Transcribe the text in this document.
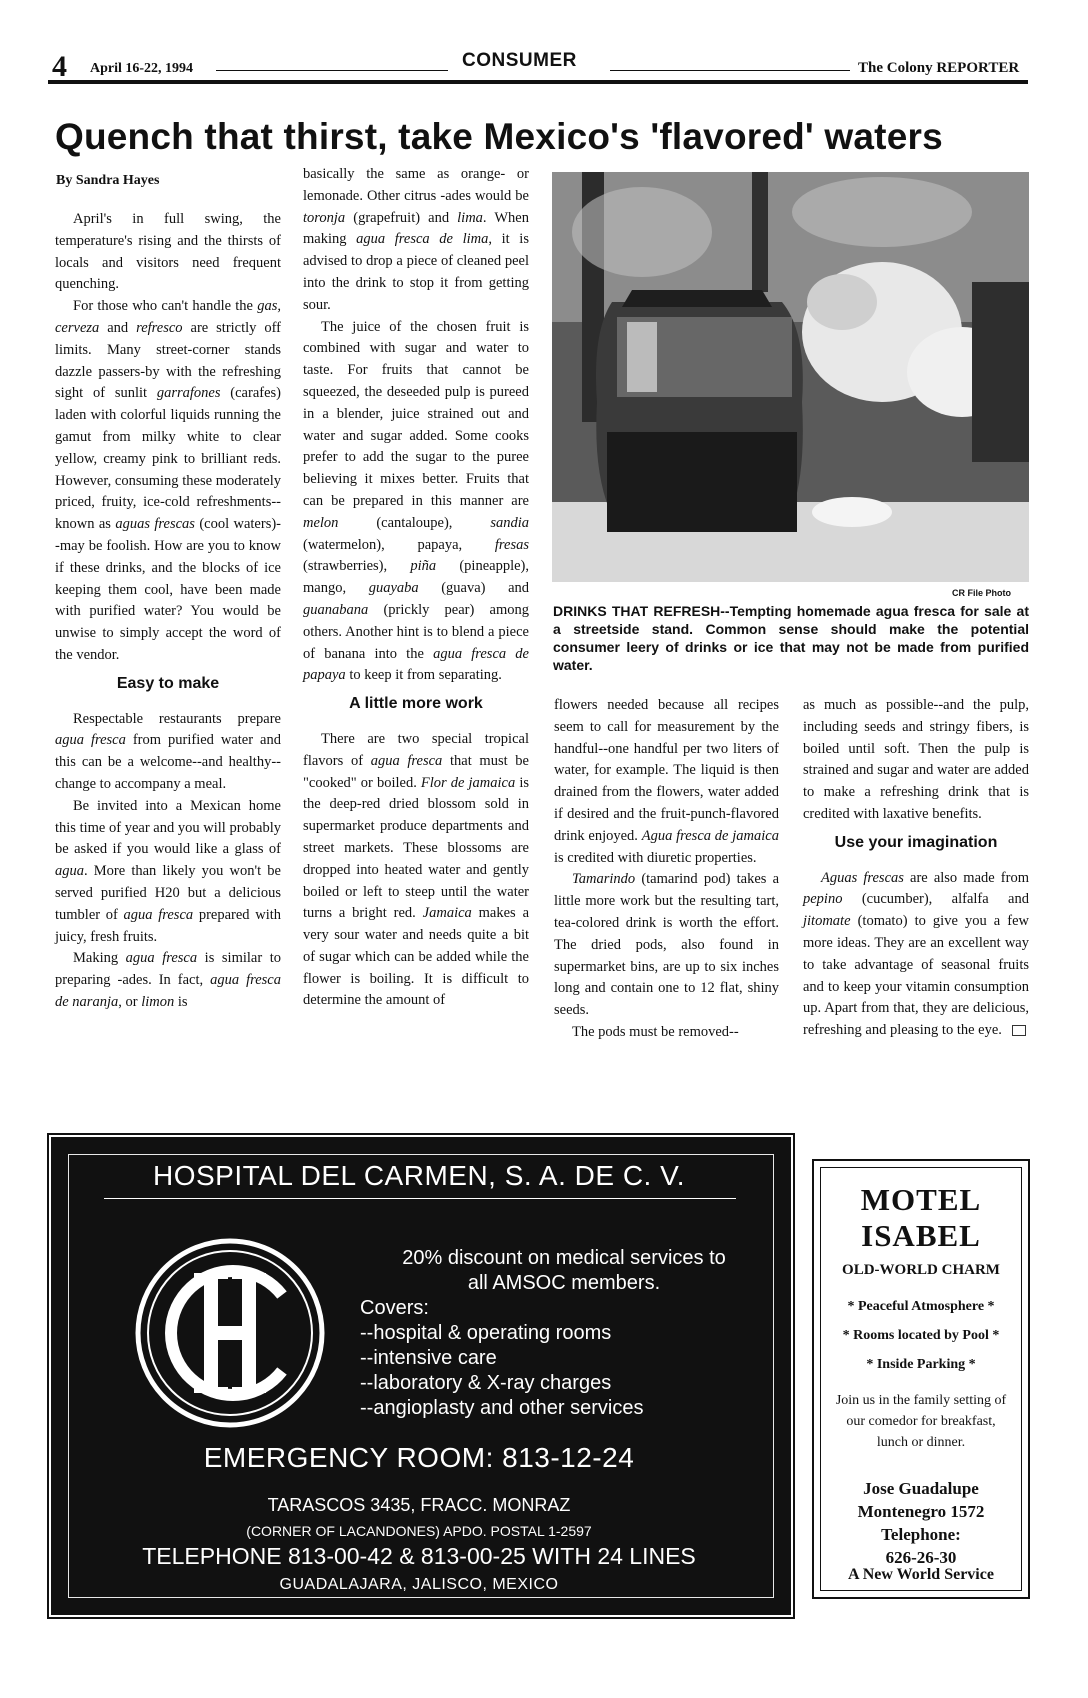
4 April 16-22, 1994	CONSUMER	The Colony REPORTER
Quench that thirst, take Mexico's 'flavored' waters
By Sandra Hayes

April's in full swing, the temperature's rising and the thirsts of locals and visitors need frequent quenching.

For those who can't handle the gas, cerveza and refresco are strictly off limits. Many street-corner stands dazzle passers-by with the refreshing sight of sunlit garrafones (carafes) laden with colorful liquids running the gamut from milky white to clear yellow, creamy pink to brilliant reds. However, consuming these moderately priced, fruity, ice-cold refreshments--known as aguas frescas (cool waters)--may be foolish. How are you to know if these drinks, and the blocks of ice keeping them cool, have been made with purified water? You would be unwise to simply accept the word of the vendor.

Easy to make

Respectable restaurants prepare agua fresca from purified water and this can be a welcome--and healthy--change to accompany a meal.

Be invited into a Mexican home this time of year and you will probably be asked if you would like a glass of agua. More than likely you won't be served purified H20 but a delicious tumbler of agua fresca prepared with juicy, fresh fruits.

Making agua fresca is similar to preparing -ades. In fact, agua fresca de naranja, or limon is

basically the same as orange- or lemonade. Other citrus -ades would be toronja (grapefruit) and lima. When making agua fresca de lima, it is advised to drop a piece of cleaned peel into the drink to stop it from getting sour.

The juice of the chosen fruit is combined with sugar and water to taste. For fruits that cannot be squeezed, the deseeded pulp is pureed in a blender, juice strained out and water and sugar added. Some cooks prefer to add the sugar to the puree believing it mixes better. Fruits that can be prepared in this manner are melon (cantaloupe), sandia (watermelon), papaya, fresas (strawberries), piña (pineapple), mango, guayaba (guava) and guanabana (prickly pear) among others. Another hint is to blend a piece of banana into the agua fresca de papaya to keep it from separating.

A little more work

There are two special tropical flavors of agua fresca that must be "cooked" or boiled. Flor de jamaica is the deep-red dried blossom sold in supermarket produce departments and street markets. These blossoms are dropped into heated water and gently boiled or left to steep until the water turns a bright red. Jamaica makes a very sour water and needs quite a bit of sugar which can be added while the flower is boiling. It is difficult to determine the amount of

CR File Photo
DRINKS THAT REFRESH--Tempting homemade agua fresca for sale at a streetside stand. Common sense should make the potential consumer leery of drinks or ice that may not be made from purified water.

flowers needed because all recipes seem to call for measurement by the handful--one handful per two liters of water, for example. The liquid is then drained from the flowers, water added if desired and the fruit-punch-flavored drink enjoyed. Agua fresca de jamaica is credited with diuretic properties.

Tamarindo (tamarind pod) takes a little more work but the resulting tart, tea-colored drink is worth the effort. The dried pods, also found in supermarket bins, are up to six inches long and contain one to 12 flat, shiny seeds.

The pods must be removed--

as much as possible--and the pulp, including seeds and stringy fibers, is boiled until soft. Then the pulp is strained and sugar and water are added to make a refreshing drink that is credited with laxative benefits.

Use your imagination

Aguas frescas are also made from pepino (cucumber), alfalfa and jitomate (tomato) to give you a few more ideas. They are an excellent way to take advantage of seasonal fruits and to keep your vitamin consumption up. Apart from that, they are delicious, refreshing and pleasing to the eye.

HOSPITAL DEL CARMEN, S. A. DE C. V.
20% discount on medical services to
all AMSOC members.
Covers:
--hospital & operating rooms
--intensive care
--laboratory & X-ray charges
--angioplasty and other services
EMERGENCY ROOM: 813-12-24
TARASCOS 3435, FRACC. MONRAZ
(CORNER OF LACANDONES) APDO. POSTAL 1-2597
TELEPHONE 813-00-42 & 813-00-25 WITH 24 LINES
GUADALAJARA, JALISCO, MEXICO
MOTEL
ISABEL
OLD-WORLD CHARM
* Peaceful Atmosphere *
* Rooms located by Pool *
* Inside Parking *
Join us in the family setting of our comedor for breakfast, lunch or dinner.
Jose Guadalupe
Montenegro 1572
Telephone:
626-26-30
A New World Service
